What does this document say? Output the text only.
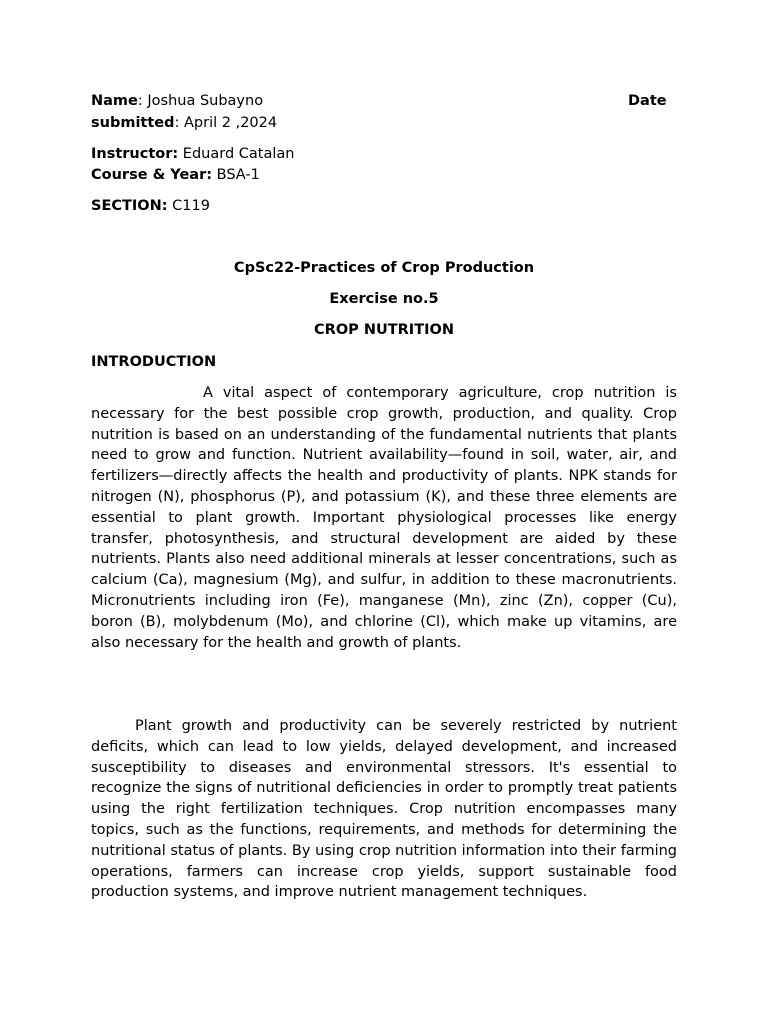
Name: Joshua Subayno	Date
submitted: April 2 ,2024
Instructor: Eduard Catalan
Course & Year: BSA-1
SECTION: C119
CpSc22-Practices of Crop Production
Exercise no.5
CROP NUTRITION
INTRODUCTION
A vital aspect of contemporary agriculture, crop nutrition is necessary for the best possible crop growth, production, and quality. Crop nutrition is based on an understanding of the fundamental nutrients that plants need to grow and function. Nutrient availability—found in soil, water, air, and fertilizers—directly affects the health and productivity of plants. NPK stands for nitrogen (N), phosphorus (P), and potassium (K), and these three elements are essential to plant growth. Important physiological processes like energy transfer, photosynthesis, and structural development are aided by these nutrients. Plants also need additional minerals at lesser concentrations, such as calcium (Ca), magnesium (Mg), and sulfur, in addition to these macronutrients. Micronutrients including iron (Fe), manganese (Mn), zinc (Zn), copper (Cu), boron (B), molybdenum (Mo), and chlorine (Cl), which make up vitamins, are also necessary for the health and growth of plants.
Plant growth and productivity can be severely restricted by nutrient deficits, which can lead to low yields, delayed development, and increased susceptibility to diseases and environmental stressors. It's essential to recognize the signs of nutritional deficiencies in order to promptly treat patients using the right fertilization techniques. Crop nutrition encompasses many topics, such as the functions, requirements, and methods for determining the nutritional status of plants. By using crop nutrition information into their farming operations, farmers can increase crop yields, support sustainable food production systems, and improve nutrient management techniques.
